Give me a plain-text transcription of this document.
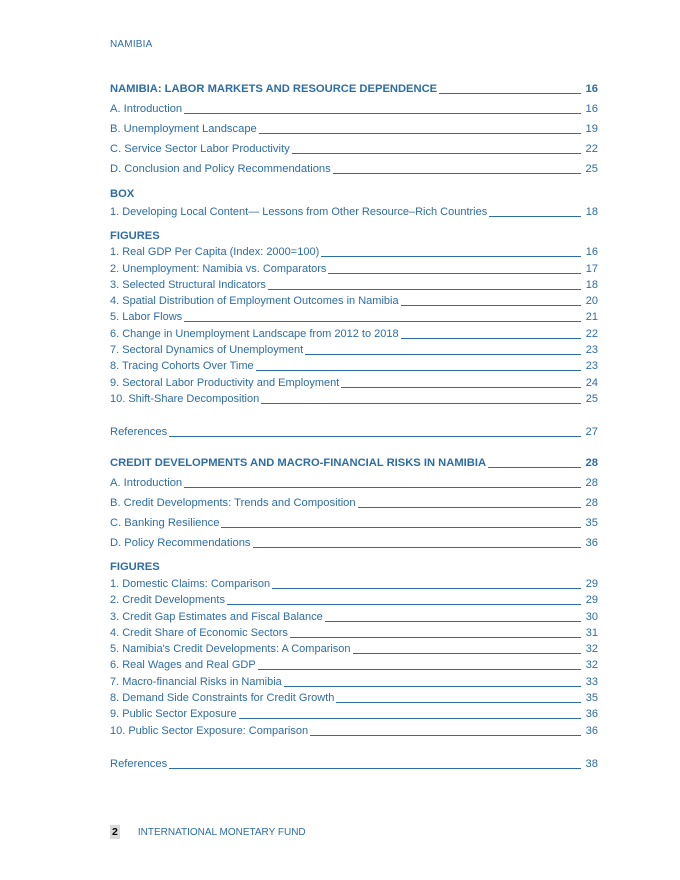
NAMIBIA
NAMIBIA: LABOR MARKETS AND RESOURCE DEPENDENCE	16
A. Introduction	16
B. Unemployment Landscape	19
C. Service Sector Labor Productivity	22
D. Conclusion and Policy Recommendations	25
BOX
1. Developing Local Content— Lessons from Other Resource–Rich Countries	18
FIGURES
1. Real GDP Per Capita (Index: 2000=100)	16
2. Unemployment: Namibia vs. Comparators	17
3. Selected Structural Indicators	18
4. Spatial Distribution of Employment Outcomes in Namibia	20
5. Labor Flows	21
6. Change in Unemployment Landscape from 2012 to 2018	22
7. Sectoral Dynamics of Unemployment	23
8. Tracing Cohorts Over Time	23
9. Sectoral Labor Productivity and Employment	24
10. Shift-Share Decomposition	25
References	27
CREDIT DEVELOPMENTS AND MACRO-FINANCIAL RISKS IN NAMIBIA	28
A. Introduction	28
B. Credit Developments: Trends and Composition	28
C. Banking Resilience	35
D. Policy Recommendations	36
FIGURES
1. Domestic Claims: Comparison	29
2. Credit Developments	29
3. Credit Gap Estimates and Fiscal Balance	30
4. Credit Share of Economic Sectors	31
5. Namibia's Credit Developments: A Comparison	32
6. Real Wages and Real GDP	32
7. Macro-financial Risks in Namibia	33
8. Demand Side Constraints for Credit Growth	35
9. Public Sector Exposure	36
10. Public Sector Exposure: Comparison	36
References	38
2 INTERNATIONAL MONETARY FUND
